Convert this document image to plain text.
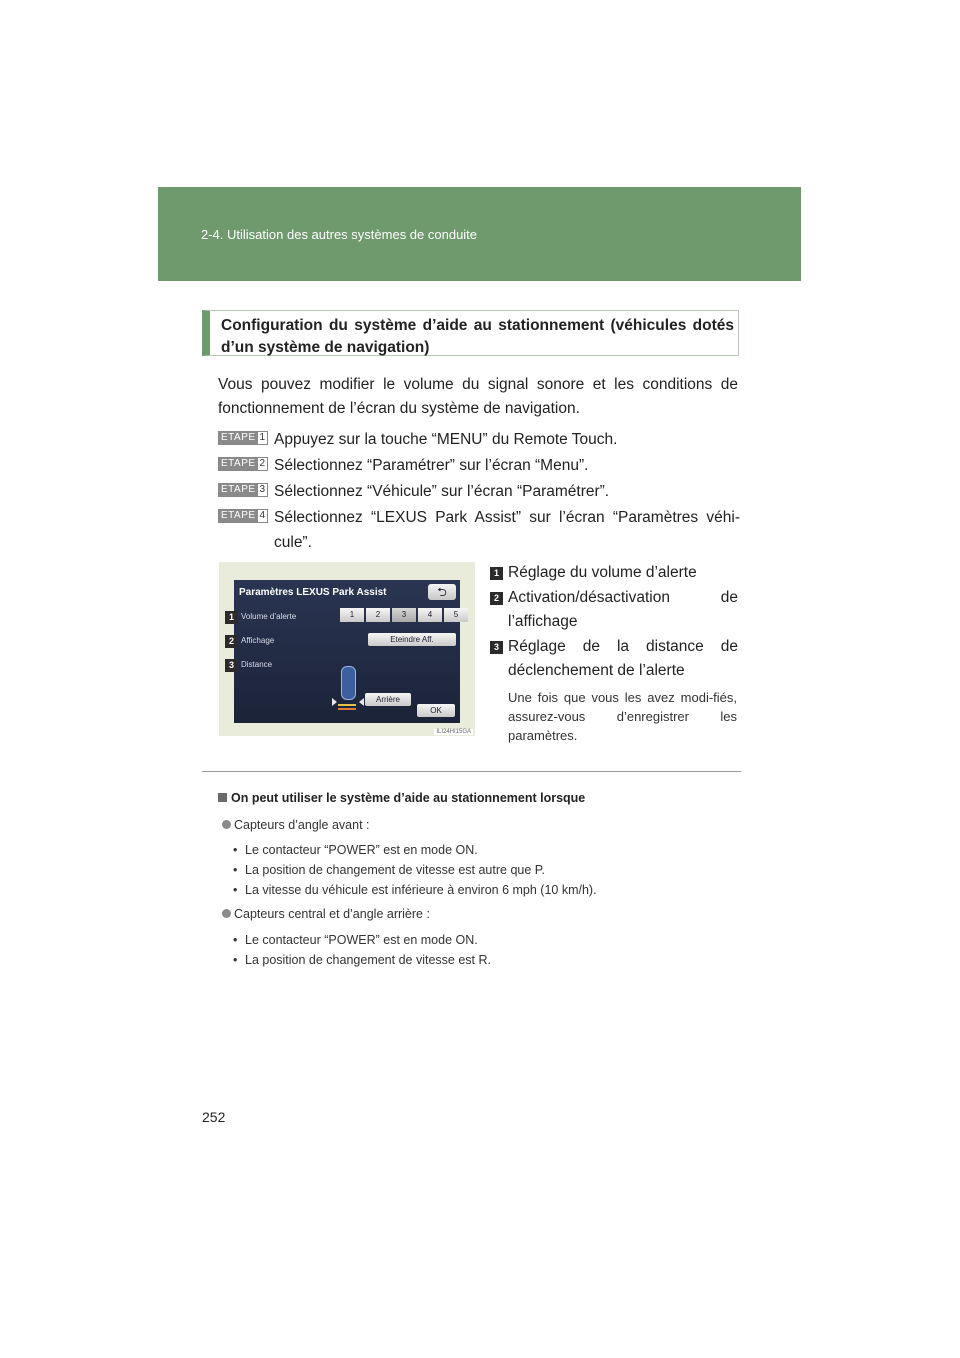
2-4. Utilisation des autres systèmes de conduite
Configuration du système d’aide au stationnement (véhicules dotés d’un système de navigation)
Vous pouvez modifier le volume du signal sonore et les conditions de fonctionnement de l’écran du système de navigation.
ETAPE 1 Appuyez sur la touche “MENU” du Remote Touch.
ETAPE 2 Sélectionnez “Paramétrer” sur l’écran “Menu”.
ETAPE 3 Sélectionnez “Véhicule” sur l’écran “Paramétrer”.
ETAPE 4 Sélectionnez “LEXUS Park Assist” sur l’écran “Paramètres véhi-cule”.
Paramètres LEXUS Park Assist	⮌
Volume d’alerte	1	2	3	4	5
Affichage	Eteindre Aff.
Distance
Arrière
OK
1
2
3
ILI24HI15GA
1 Réglage du volume d’alerte
2 Activation/désactivation de l’affichage
3 Réglage de la distance de déclenchement de l’alerte
Une fois que vous les avez modi-fiés, assurez-vous d’enregistrer les paramètres.
On peut utiliser le système d’aide au stationnement lorsque
Capteurs d’angle avant :
• Le contacteur “POWER” est en mode ON.
• La position de changement de vitesse est autre que P.
• La vitesse du véhicule est inférieure à environ 6 mph (10 km/h).
Capteurs central et d’angle arrière :
• Le contacteur “POWER” est en mode ON.
• La position de changement de vitesse est R.
252
